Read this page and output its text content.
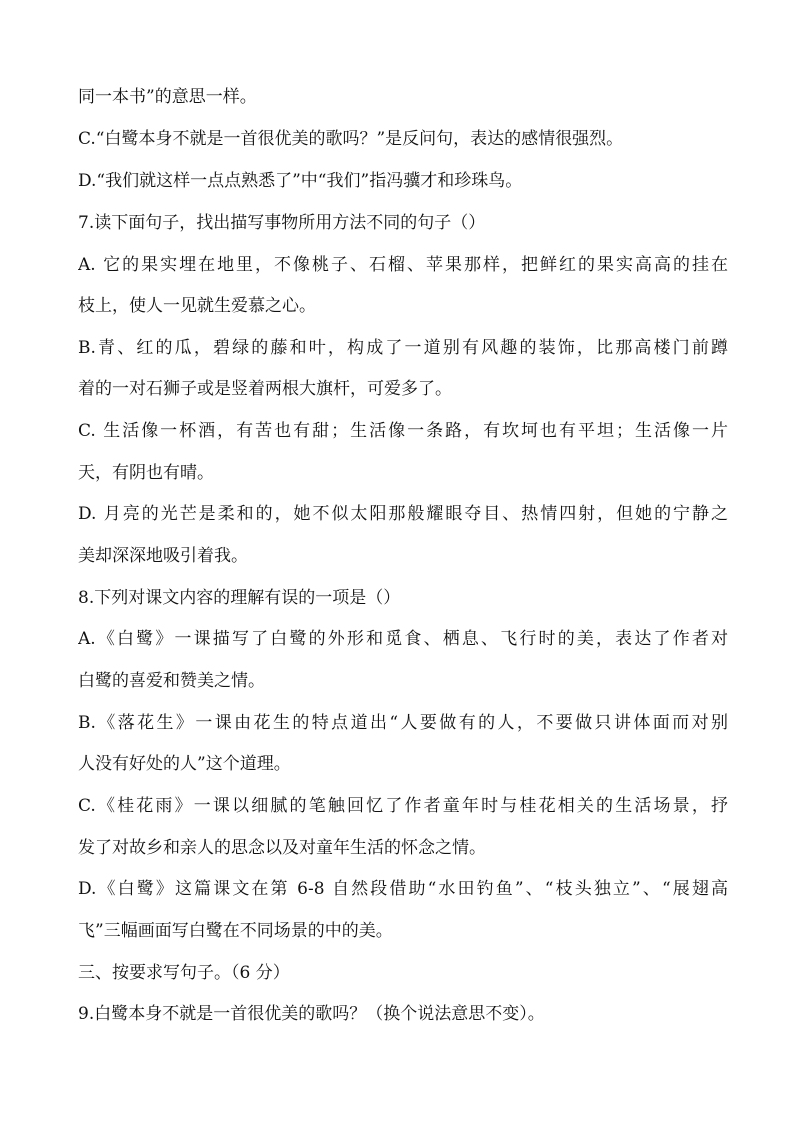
同一本书”的意思一样。
C.“白鹭本身不就是一首很优美的歌吗？”是反问句，表达的感情很强烈。
D.“我们就这样一点点熟悉了”中“我们”指冯骥才和珍珠鸟。
7.读下面句子，找出描写事物所用方法不同的句子（）
A. 它的果实埋在地里，不像桃子、石榴、苹果那样，把鲜红的果实高高的挂在
枝上，使人一见就生爱慕之心。
B.青、红的瓜，碧绿的藤和叶，构成了一道别有风趣的装饰，比那高楼门前蹲
着的一对石狮子或是竖着两根大旗杆，可爱多了。
C. 生活像一杯酒，有苦也有甜；生活像一条路，有坎坷也有平坦；生活像一片
天，有阴也有晴。
D. 月亮的光芒是柔和的，她不似太阳那般耀眼夺目、热情四射，但她的宁静之
美却深深地吸引着我。
8.下列对课文内容的理解有误的一项是（）
A.《白鹭》一课描写了白鹭的外形和觅食、栖息、飞行时的美，表达了作者对
白鹭的喜爱和赞美之情。
B.《落花生》一课由花生的特点道出“人要做有的人，不要做只讲体面而对别
人没有好处的人”这个道理。
C.《桂花雨》一课以细腻的笔触回忆了作者童年时与桂花相关的生活场景，抒
发了对故乡和亲人的思念以及对童年生活的怀念之情。
D.《白鹭》这篇课文在第 6-8 自然段借助“水田钓鱼”、“枝头独立”、“展翅高
飞”三幅画面写白鹭在不同场景的中的美。
三、按要求写句子。（6 分）
9.白鹭本身不就是一首很优美的歌吗？（换个说法意思不变）。
